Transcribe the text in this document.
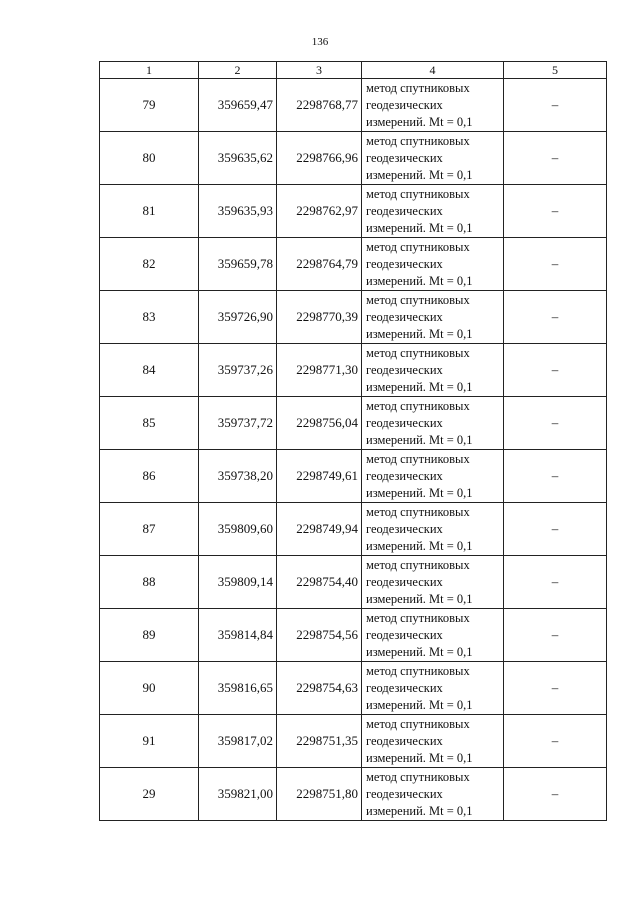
136
1	2	3	4	5
79	359659,47	2298768,77	метод спутниковых
геодезических
измерений. Mt = 0,1	–
80	359635,62	2298766,96	метод спутниковых
геодезических
измерений. Mt = 0,1	–
81	359635,93	2298762,97	метод спутниковых
геодезических
измерений. Mt = 0,1	–
82	359659,78	2298764,79	метод спутниковых
геодезических
измерений. Mt = 0,1	–
83	359726,90	2298770,39	метод спутниковых
геодезических
измерений. Mt = 0,1	–
84	359737,26	2298771,30	метод спутниковых
геодезических
измерений. Mt = 0,1	–
85	359737,72	2298756,04	метод спутниковых
геодезических
измерений. Mt = 0,1	–
86	359738,20	2298749,61	метод спутниковых
геодезических
измерений. Mt = 0,1	–
87	359809,60	2298749,94	метод спутниковых
геодезических
измерений. Mt = 0,1	–
88	359809,14	2298754,40	метод спутниковых
геодезических
измерений. Mt = 0,1	–
89	359814,84	2298754,56	метод спутниковых
геодезических
измерений. Mt = 0,1	–
90	359816,65	2298754,63	метод спутниковых
геодезических
измерений. Mt = 0,1	–
91	359817,02	2298751,35	метод спутниковых
геодезических
измерений. Mt = 0,1	–
29	359821,00	2298751,80	метод спутниковых
геодезических
измерений. Mt = 0,1	–
